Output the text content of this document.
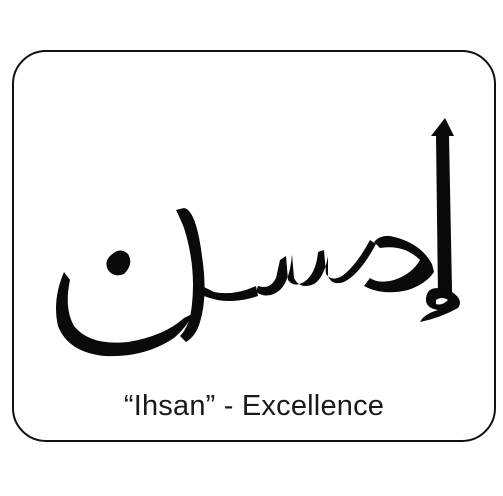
“Ihsan” - Excellence
